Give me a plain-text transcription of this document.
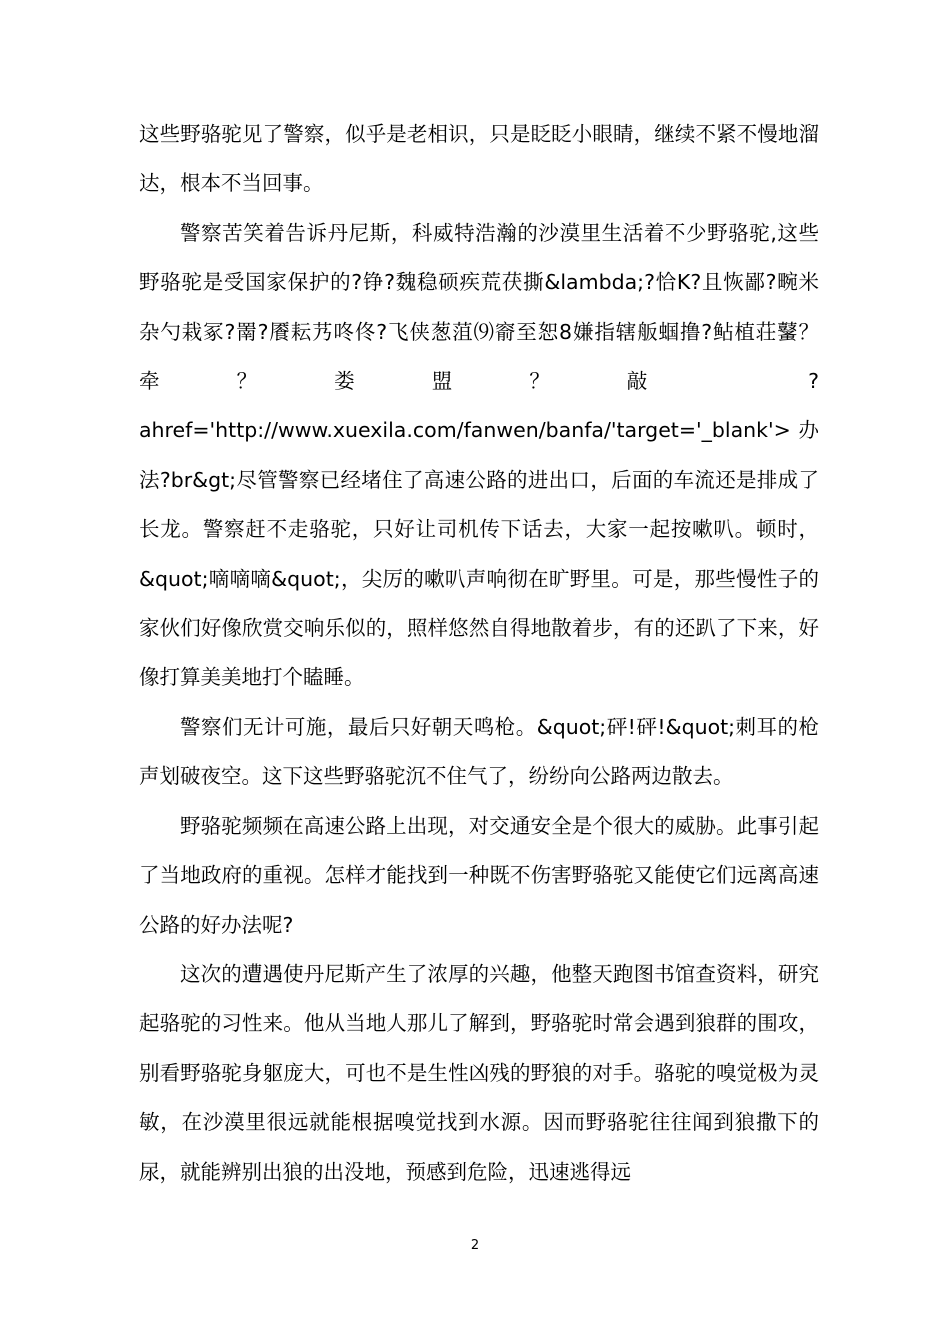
这些野骆驼见了警察，似乎是老相识，只是眨眨小眼睛，继续不紧不慢地溜达，根本不当回事。

警察苦笑着告诉丹尼斯，科威特浩瀚的沙漠里生活着不少野骆驼,这些野骆驼是受国家保护的?铮?魏稳硕疾荒茯撕&lambda;?恰K?且恢鄙?畹米杂勺栽冢?罱?餍耘艿咚佟?飞侠葱菹⑼窬至恕8嫌指辖舨蝈撸?鲇植荘鼜？牵？娄盟？敲 ?ahref='http://www.xuexila.com/fanwen/banfa/'target='_blank'>办法?br&gt;尽管警察已经堵住了高速公路的进出口，后面的车流还是排成了长龙。警察赶不走骆驼，只好让司机传下话去，大家一起按嗽叭。顿时，&quot;嘀嘀嘀&quot;，尖厉的嗽叭声响彻在旷野里。可是，那些慢性子的家伙们好像欣赏交响乐似的，照样悠然自得地散着步，有的还趴了下来，好像打算美美地打个瞌睡。

警察们无计可施，最后只好朝天鸣枪。&quot;砰!砰!&quot;刺耳的枪声划破夜空。这下这些野骆驼沉不住气了，纷纷向公路两边散去。

野骆驼频频在高速公路上出现，对交通安全是个很大的威胁。此事引起了当地政府的重视。怎样才能找到一种既不伤害野骆驼又能使它们远离高速公路的好办法呢?

这次的遭遇使丹尼斯产生了浓厚的兴趣，他整天跑图书馆查资料，研究起骆驼的习性来。他从当地人那儿了解到，野骆驼时常会遇到狼群的围攻，别看野骆驼身躯庞大，可也不是生性凶残的野狼的对手。骆驼的嗅觉极为灵敏，在沙漠里很远就能根据嗅觉找到水源。因而野骆驼往往闻到狼撒下的尿，就能辨别出狼的出没地，预感到危险，迅速逃得远

2
